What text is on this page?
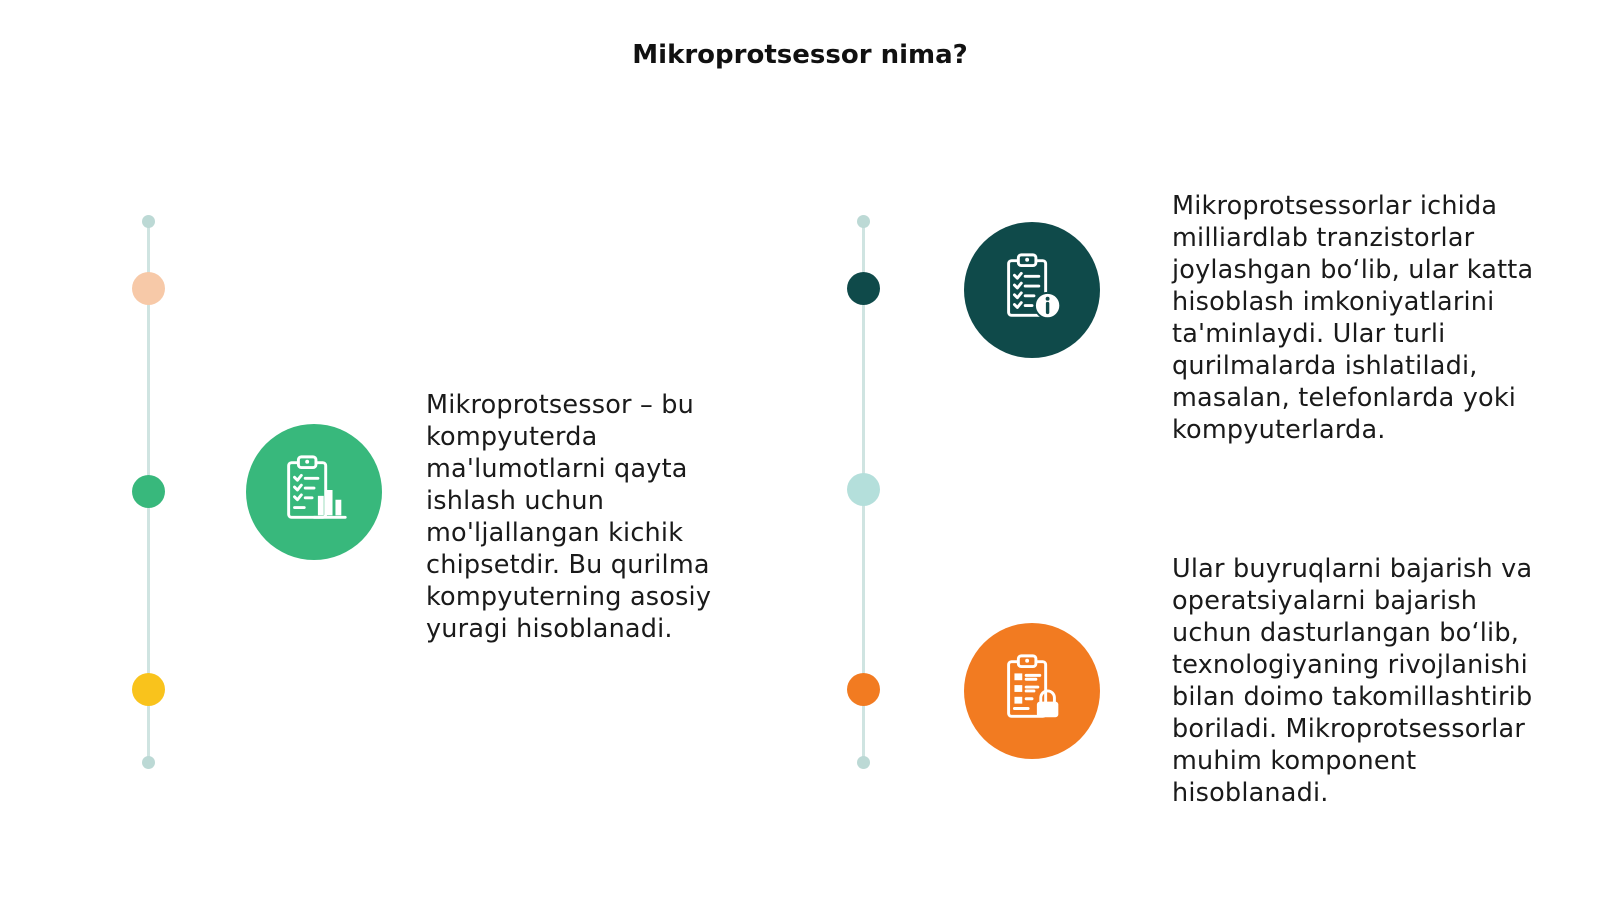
Mikroprotsessor nima?
Mikroprotsessor – bu kompyuterda ma'lumotlarni qayta ishlash uchun mo'ljallangan kichik chipsetdir. Bu qurilma kompyuterning asosiy yuragi hisoblanadi.
Mikroprotsessorlar ichida milliardlab tranzistorlar joylashgan bo‘lib, ular katta hisoblash imkoniyatlarini ta'minlaydi. Ular turli qurilmalarda ishlatiladi, masalan, telefonlarda yoki kompyuterlarda.
Ular buyruqlarni bajarish va operatsiyalarni bajarish uchun dasturlangan bo‘lib, texnologiyaning rivojlanishi bilan doimo takomillashtirib boriladi. Mikroprotsessorlar muhim komponent hisoblanadi.
